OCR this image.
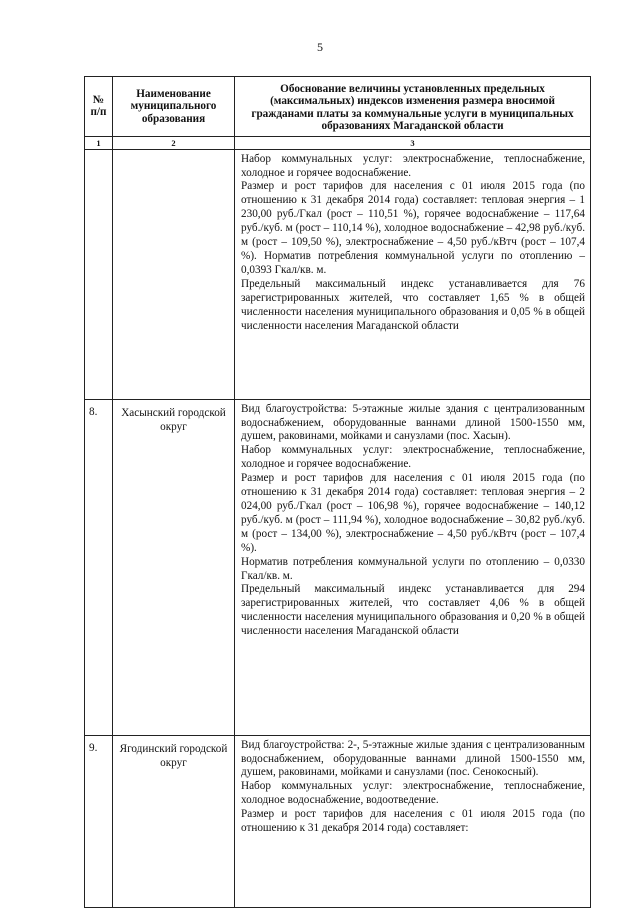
5
№ п/п	Наименование муниципального образования	Обоснование величины установленных предельных (максимальных) индексов изменения размера вносимой гражданами платы за коммунальные услуги в муниципальных образованиях Магаданской области
1	2	3

		Набор коммунальных услуг: электроснабжение, теплоснабжение, холодное и горячее водоснабжение.

Размер и рост тарифов для населения с 01 июля 2015 года (по отношению к 31 декабря 2014 года) составляет: тепловая энергия – 1 230,00 руб./Гкал (рост – 110,51 %), горячее водоснабжение – 117,64 руб./куб. м (рост – 110,14 %), холодное водоснабжение – 42,98 руб./куб. м (рост – 109,50 %), электроснабжение – 4,50 руб./кВтч (рост – 107,4 %). Норматив потребления коммунальной услуги по отоплению – 0,0393 Гкал/кв. м.

Предельный максимальный индекс устанавливается для 76 зарегистрированных жителей, что составляет 1,65 % в общей численности населения муниципального образования и 0,05 % в общей численности населения Магаданской области

8.	Хасынский городской округ	Вид благоустройства: 5-этажные жилые здания с централизованным водоснабжением, оборудованные ваннами длиной 1500-1550 мм, душем, раковинами, мойками и санузлами (пос. Хасын).

Набор коммунальных услуг: электроснабжение, теплоснабжение, холодное и горячее водоснабжение.

Размер и рост тарифов для населения с 01 июля 2015 года (по отношению к 31 декабря 2014 года) составляет: тепловая энергия – 2 024,00 руб./Гкал (рост – 106,98 %), горячее водоснабжение – 140,12 руб./куб. м (рост – 111,94 %), холодное водоснабжение – 30,82 руб./куб. м (рост – 134,00 %), электроснабжение – 4,50 руб./кВтч (рост – 107,4 %).

Норматив потребления коммунальной услуги по отоплению – 0,0330 Гкал/кв. м.

Предельный максимальный индекс устанавливается для 294 зарегистрированных жителей, что составляет 4,06 % в общей численности населения муниципального образования и 0,20 % в общей численности населения Магаданской области

9.	Ягодинский городской округ	Вид благоустройства: 2-, 5-этажные жилые здания с централизованным водоснабжением, оборудованные ваннами длиной 1500-1550 мм, душем, раковинами, мойками и санузлами (пос. Сенокосный).

Набор коммунальных услуг: электроснабжение, теплоснабжение, холодное водоснабжение, водоотведение.

Размер и рост тарифов для населения с 01 июля 2015 года (по отношению к 31 декабря 2014 года) составляет:
